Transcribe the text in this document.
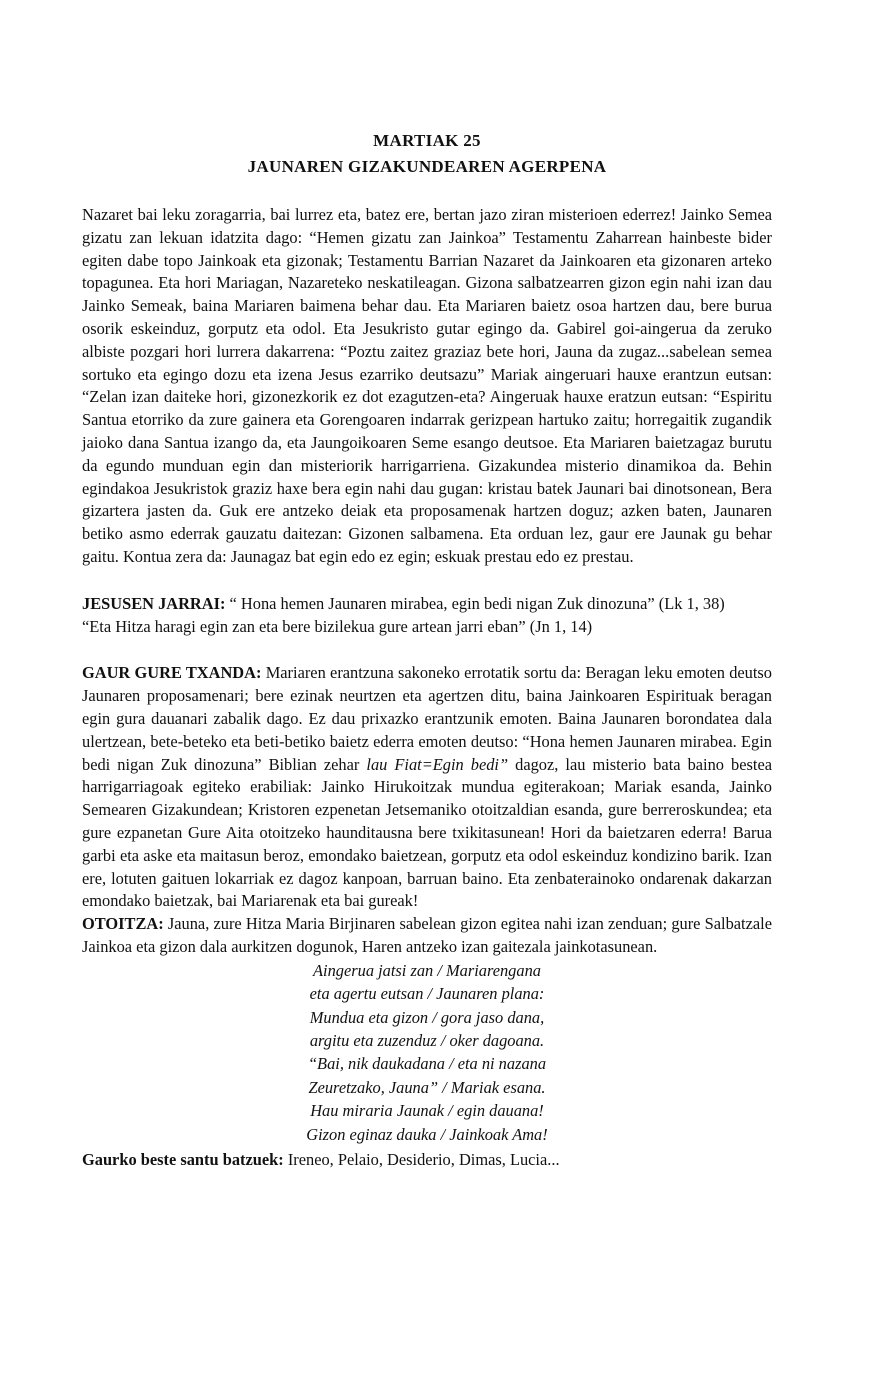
MARTIAK 25
JAUNAREN GIZAKUNDEAREN AGERPENA

Nazaret bai leku zoragarria, bai lurrez eta, batez ere, bertan jazo ziran misterioen ederrez! Jainko Semea gizatu zan lekuan idatzita dago: “Hemen gizatu zan Jainkoa” Testamentu Zaharrean hainbeste bider egiten dabe topo Jainkoak eta gizonak; Testamentu Barrian Nazaret da Jainkoaren eta gizonaren arteko topagunea. Eta hori Mariagan, Nazareteko neskatileagan. Gizona salbatzearren gizon egin nahi izan dau Jainko Semeak, baina Mariaren baimena behar dau. Eta Mariaren baietz osoa hartzen dau, bere burua osorik eskeinduz, gorputz eta odol. Eta Jesukristo gutar egingo da. Gabirel goi-aingerua da zeruko albiste pozgari hori lurrera dakarrena: “Poztu zaitez graziaz bete hori, Jauna da zugaz...sabelean semea sortuko eta egingo dozu eta izena Jesus ezarriko deutsazu” Mariak aingeruari hauxe erantzun eutsan: “Zelan izan daiteke hori, gizonezkorik ez dot ezagutzen-eta? Aingeruak hauxe eratzun eutsan: “Espiritu Santua etorriko da zure gainera eta Gorengoaren indarrak gerizpean hartuko zaitu; horregaitik zugandik jaioko dana Santua izango da, eta Jaungoikoaren Seme esango deutsoe. Eta Mariaren baietzagaz burutu da egundo munduan egin dan misteriorik harrigarriena. Gizakundea misterio dinamikoa da. Behin egindakoa Jesukristok graziz haxe bera egin nahi dau gugan: kristau batek Jaunari bai dinotsonean, Bera gizartera jasten da. Guk ere antzeko deiak eta proposamenak hartzen doguz; azken baten, Jaunaren betiko asmo ederrak gauzatu daitezan: Gizonen salbamena. Eta orduan lez, gaur ere Jaunak gu behar gaitu. Kontua zera da: Jaunagaz bat egin edo ez egin; eskuak prestau edo ez prestau.

JESUSEN JARRAI: “ Hona hemen Jaunaren mirabea, egin bedi nigan Zuk dinozuna” (Lk 1, 38)
“Eta Hitza haragi egin zan eta bere bizilekua gure artean jarri eban” (Jn 1, 14)

GAUR GURE TXANDA: Mariaren erantzuna sakoneko errotatik sortu da: Beragan leku emoten deutso Jaunaren proposamenari; bere ezinak neurtzen eta agertzen ditu, baina Jainkoaren Espirituak beragan egin gura dauanari zabalik dago. Ez dau prixazko erantzunik emoten. Baina Jaunaren borondatea dala ulertzean, bete-beteko eta beti-betiko baietz ederra emoten deutso: “Hona hemen Jaunaren mirabea. Egin bedi nigan Zuk dinozuna” Biblian zehar lau Fiat=Egin bedi” dagoz, lau misterio bata baino bestea harrigarriagoak egiteko erabiliak: Jainko Hirukoitzak mundua egiterakoan; Mariak esanda, Jainko Semearen Gizakundean; Kristoren ezpenetan Jetsemaniko otoitzaldian esanda, gure berreroskundea; eta gure ezpanetan Gure Aita otoitzeko haunditausna bere txikitasunean! Hori da baietzaren ederra! Barua garbi eta aske eta maitasun beroz, emondako baietzean, gorputz eta odol eskeinduz kondizino barik. Izan ere, lotuten gaituen lokarriak ez dagoz kanpoan, barruan baino. Eta zenbaterainoko ondarenak dakarzan emondako baietzak, bai Mariarenak eta bai gureak!

OTOITZA: Jauna, zure Hitza Maria Birjinaren sabelean gizon egitea nahi izan zenduan; gure Salbatzale Jainkoa eta gizon dala aurkitzen dogunok, Haren antzeko izan gaitezala jainkotasunean.

Aingerua jatsi zan / Mariarengana
eta agertu eutsan / Jaunaren plana:
Mundua eta gizon / gora jaso dana,
argitu eta zuzenduz / oker dagoana.
“Bai, nik daukadana / eta ni nazana
Zeuretzako, Jauna” / Mariak esana.
Hau miraria Jaunak / egin dauana!
Gizon eginaz dauka / Jainkoak Ama!

Gaurko beste santu batzuek: Ireneo, Pelaio, Desiderio, Dimas, Lucia...
